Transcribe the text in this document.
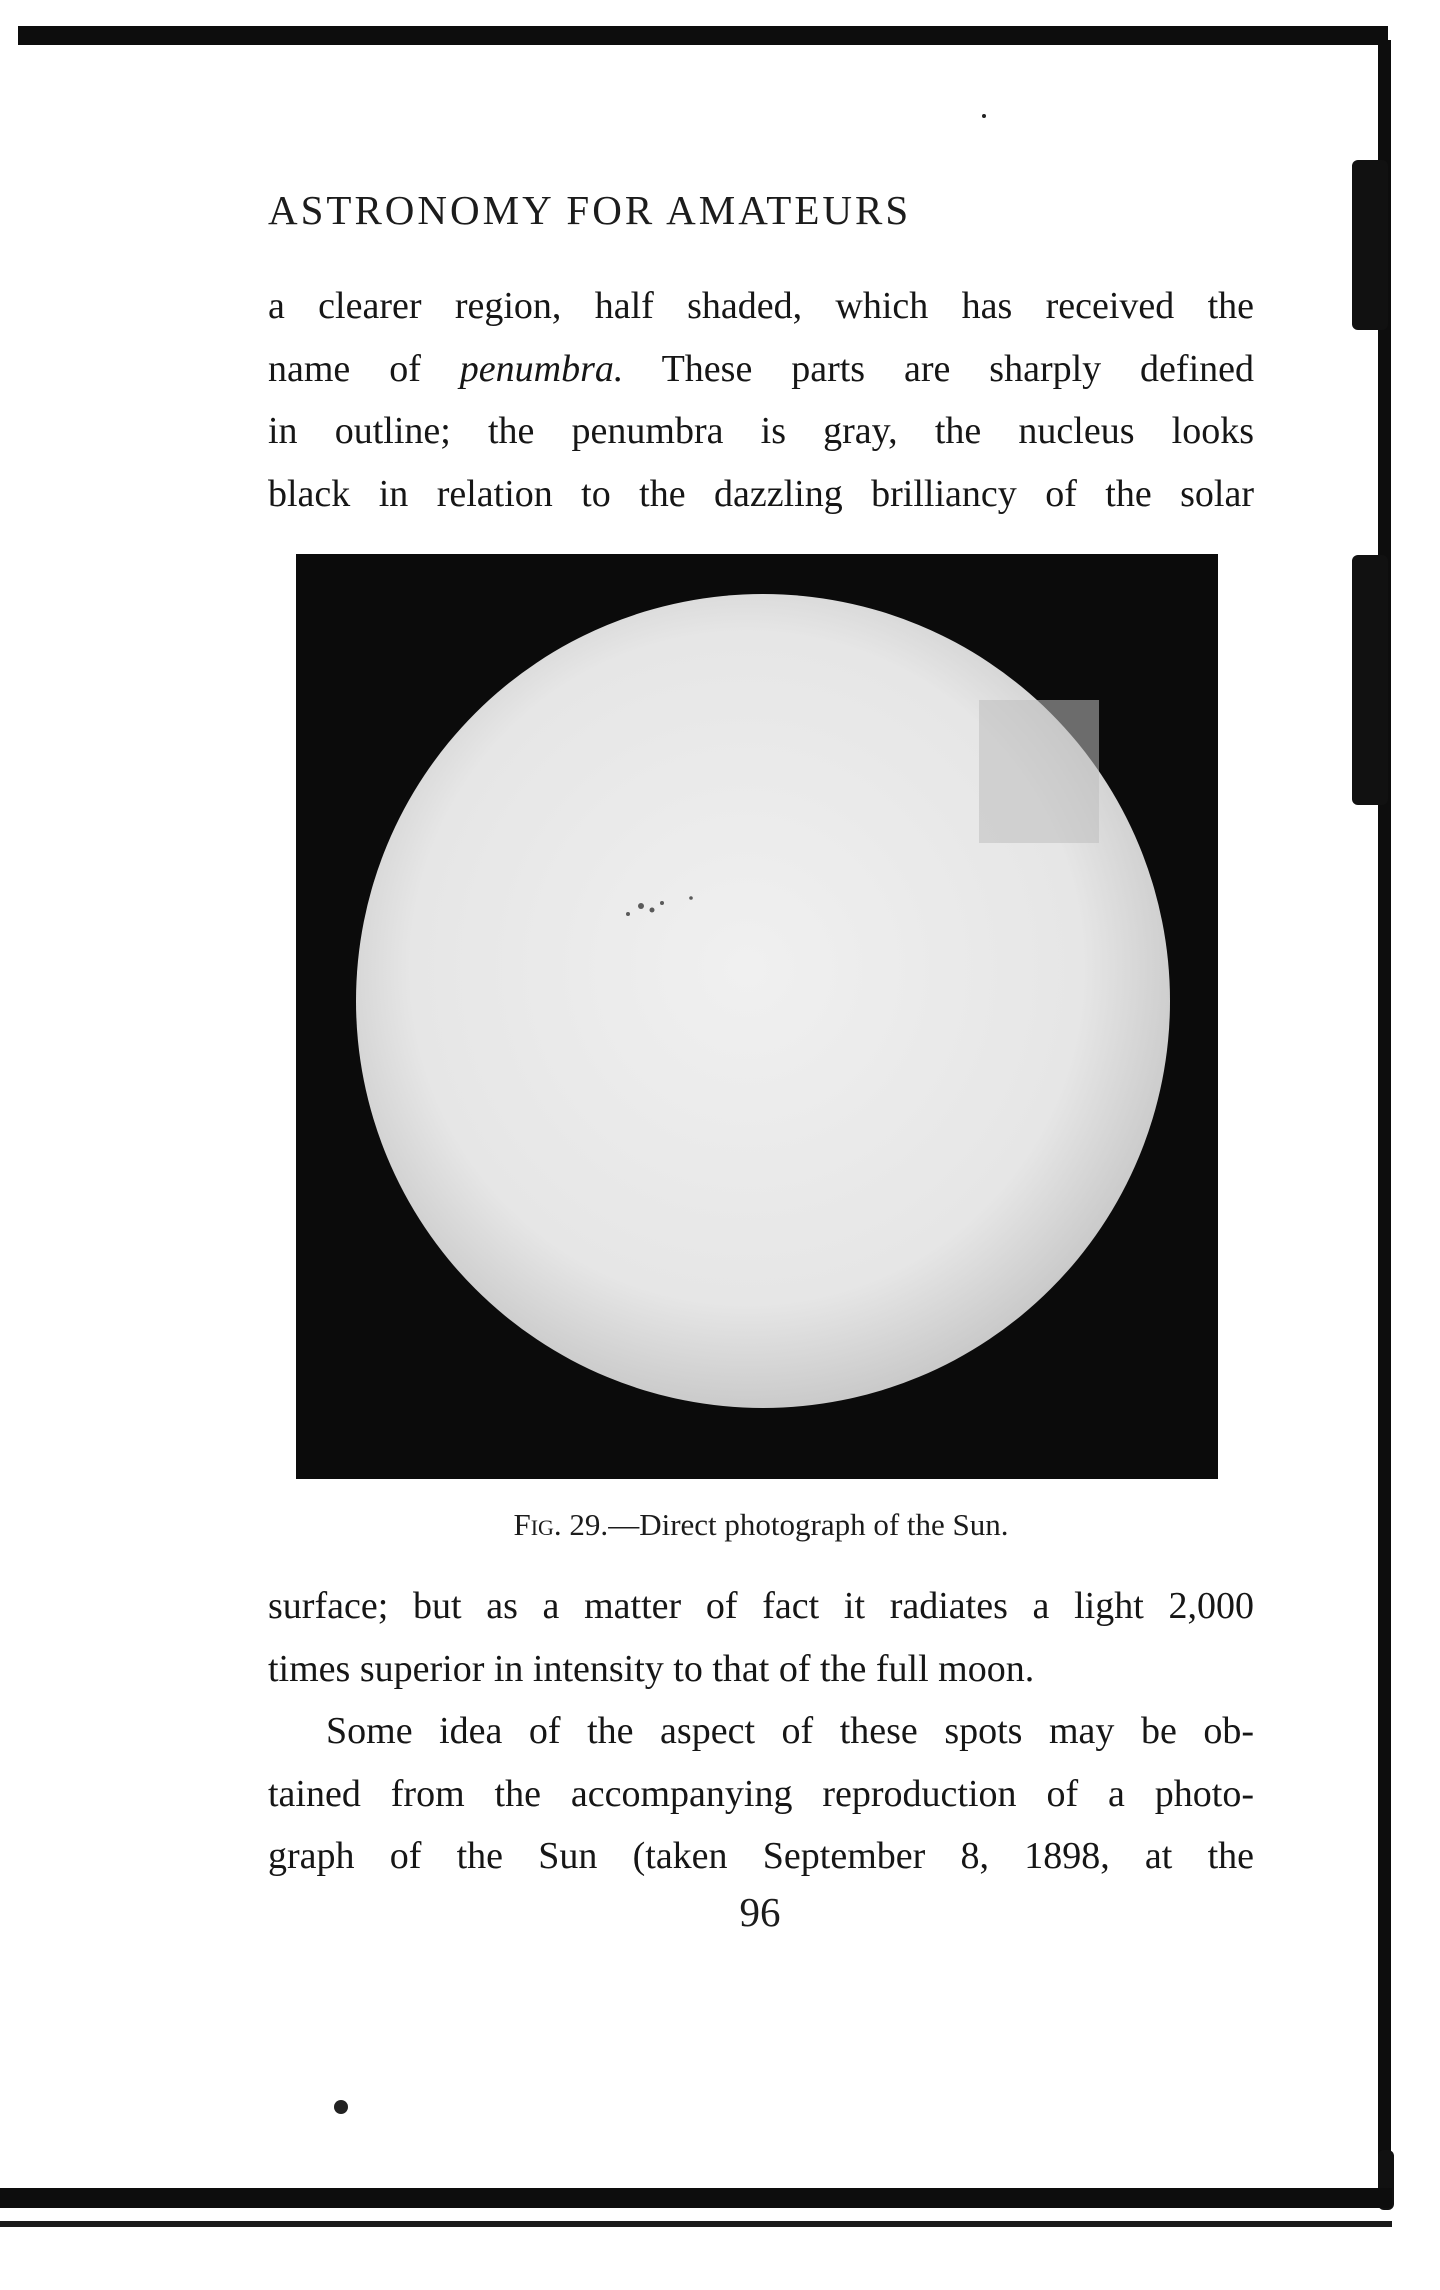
ASTRONOMY FOR AMATEURS
a clearer region, half shaded, which has received the
name of penumbra. These parts are sharply defined
in outline; the penumbra is gray, the nucleus looks
black in relation to the dazzling brilliancy of the solar

Fig. 29.—Direct photograph of the Sun.

surface; but as a matter of fact it radiates a light 2,000
times superior in intensity to that of the full moon.
Some idea of the aspect of these spots may be ob-
tained from the accompanying reproduction of a photo-
graph of the Sun (taken September 8, 1898, at the
96
